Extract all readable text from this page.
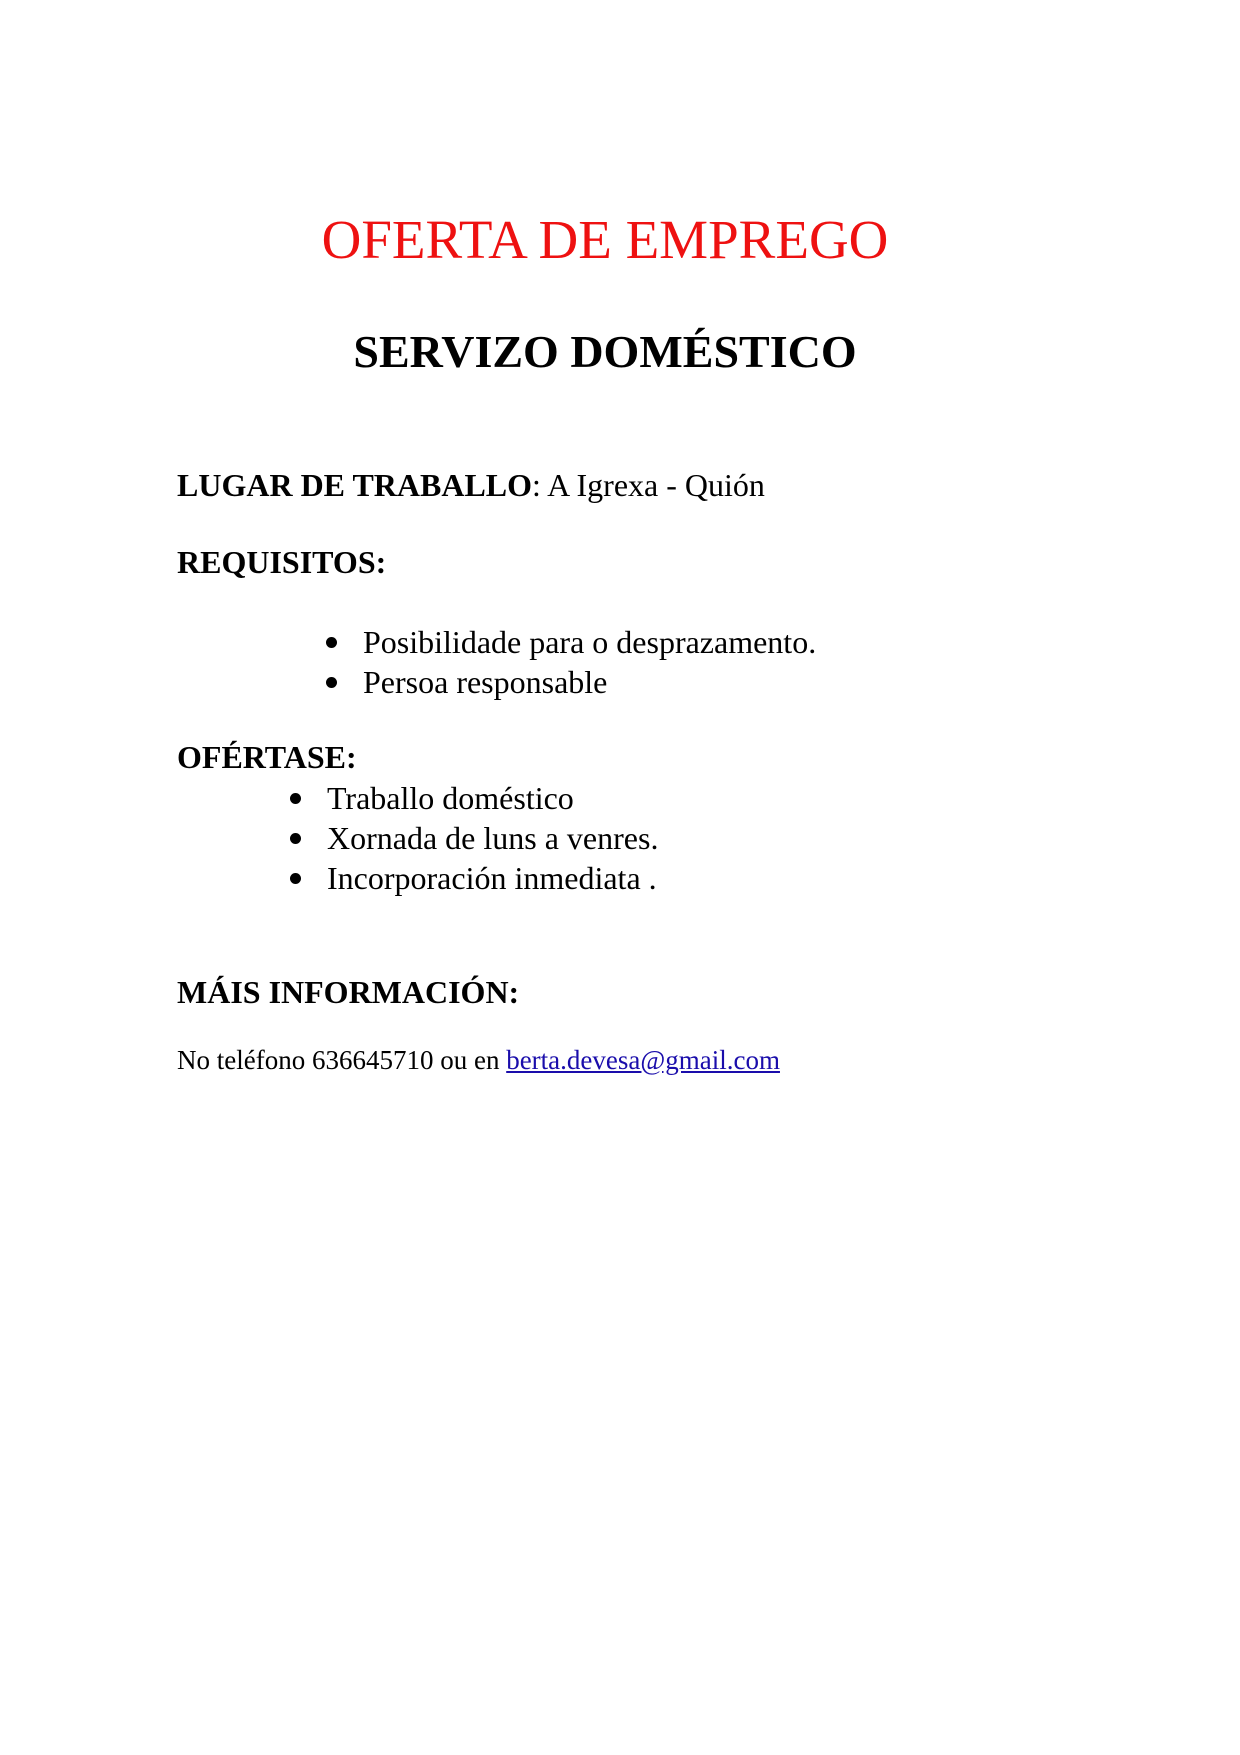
OFERTA DE EMPREGO
SERVIZO DOMÉSTICO

LUGAR DE TRABALLO: A Igrexa - Quión

REQUISITOS:

Posibilidade para o desprazamento.
Persoa responsable

OFÉRTASE:

Traballo doméstico
Xornada de luns a venres.
Incorporación inmediata .

MÁIS INFORMACIÓN:

No teléfono 636645710 ou en berta.devesa@gmail.com
